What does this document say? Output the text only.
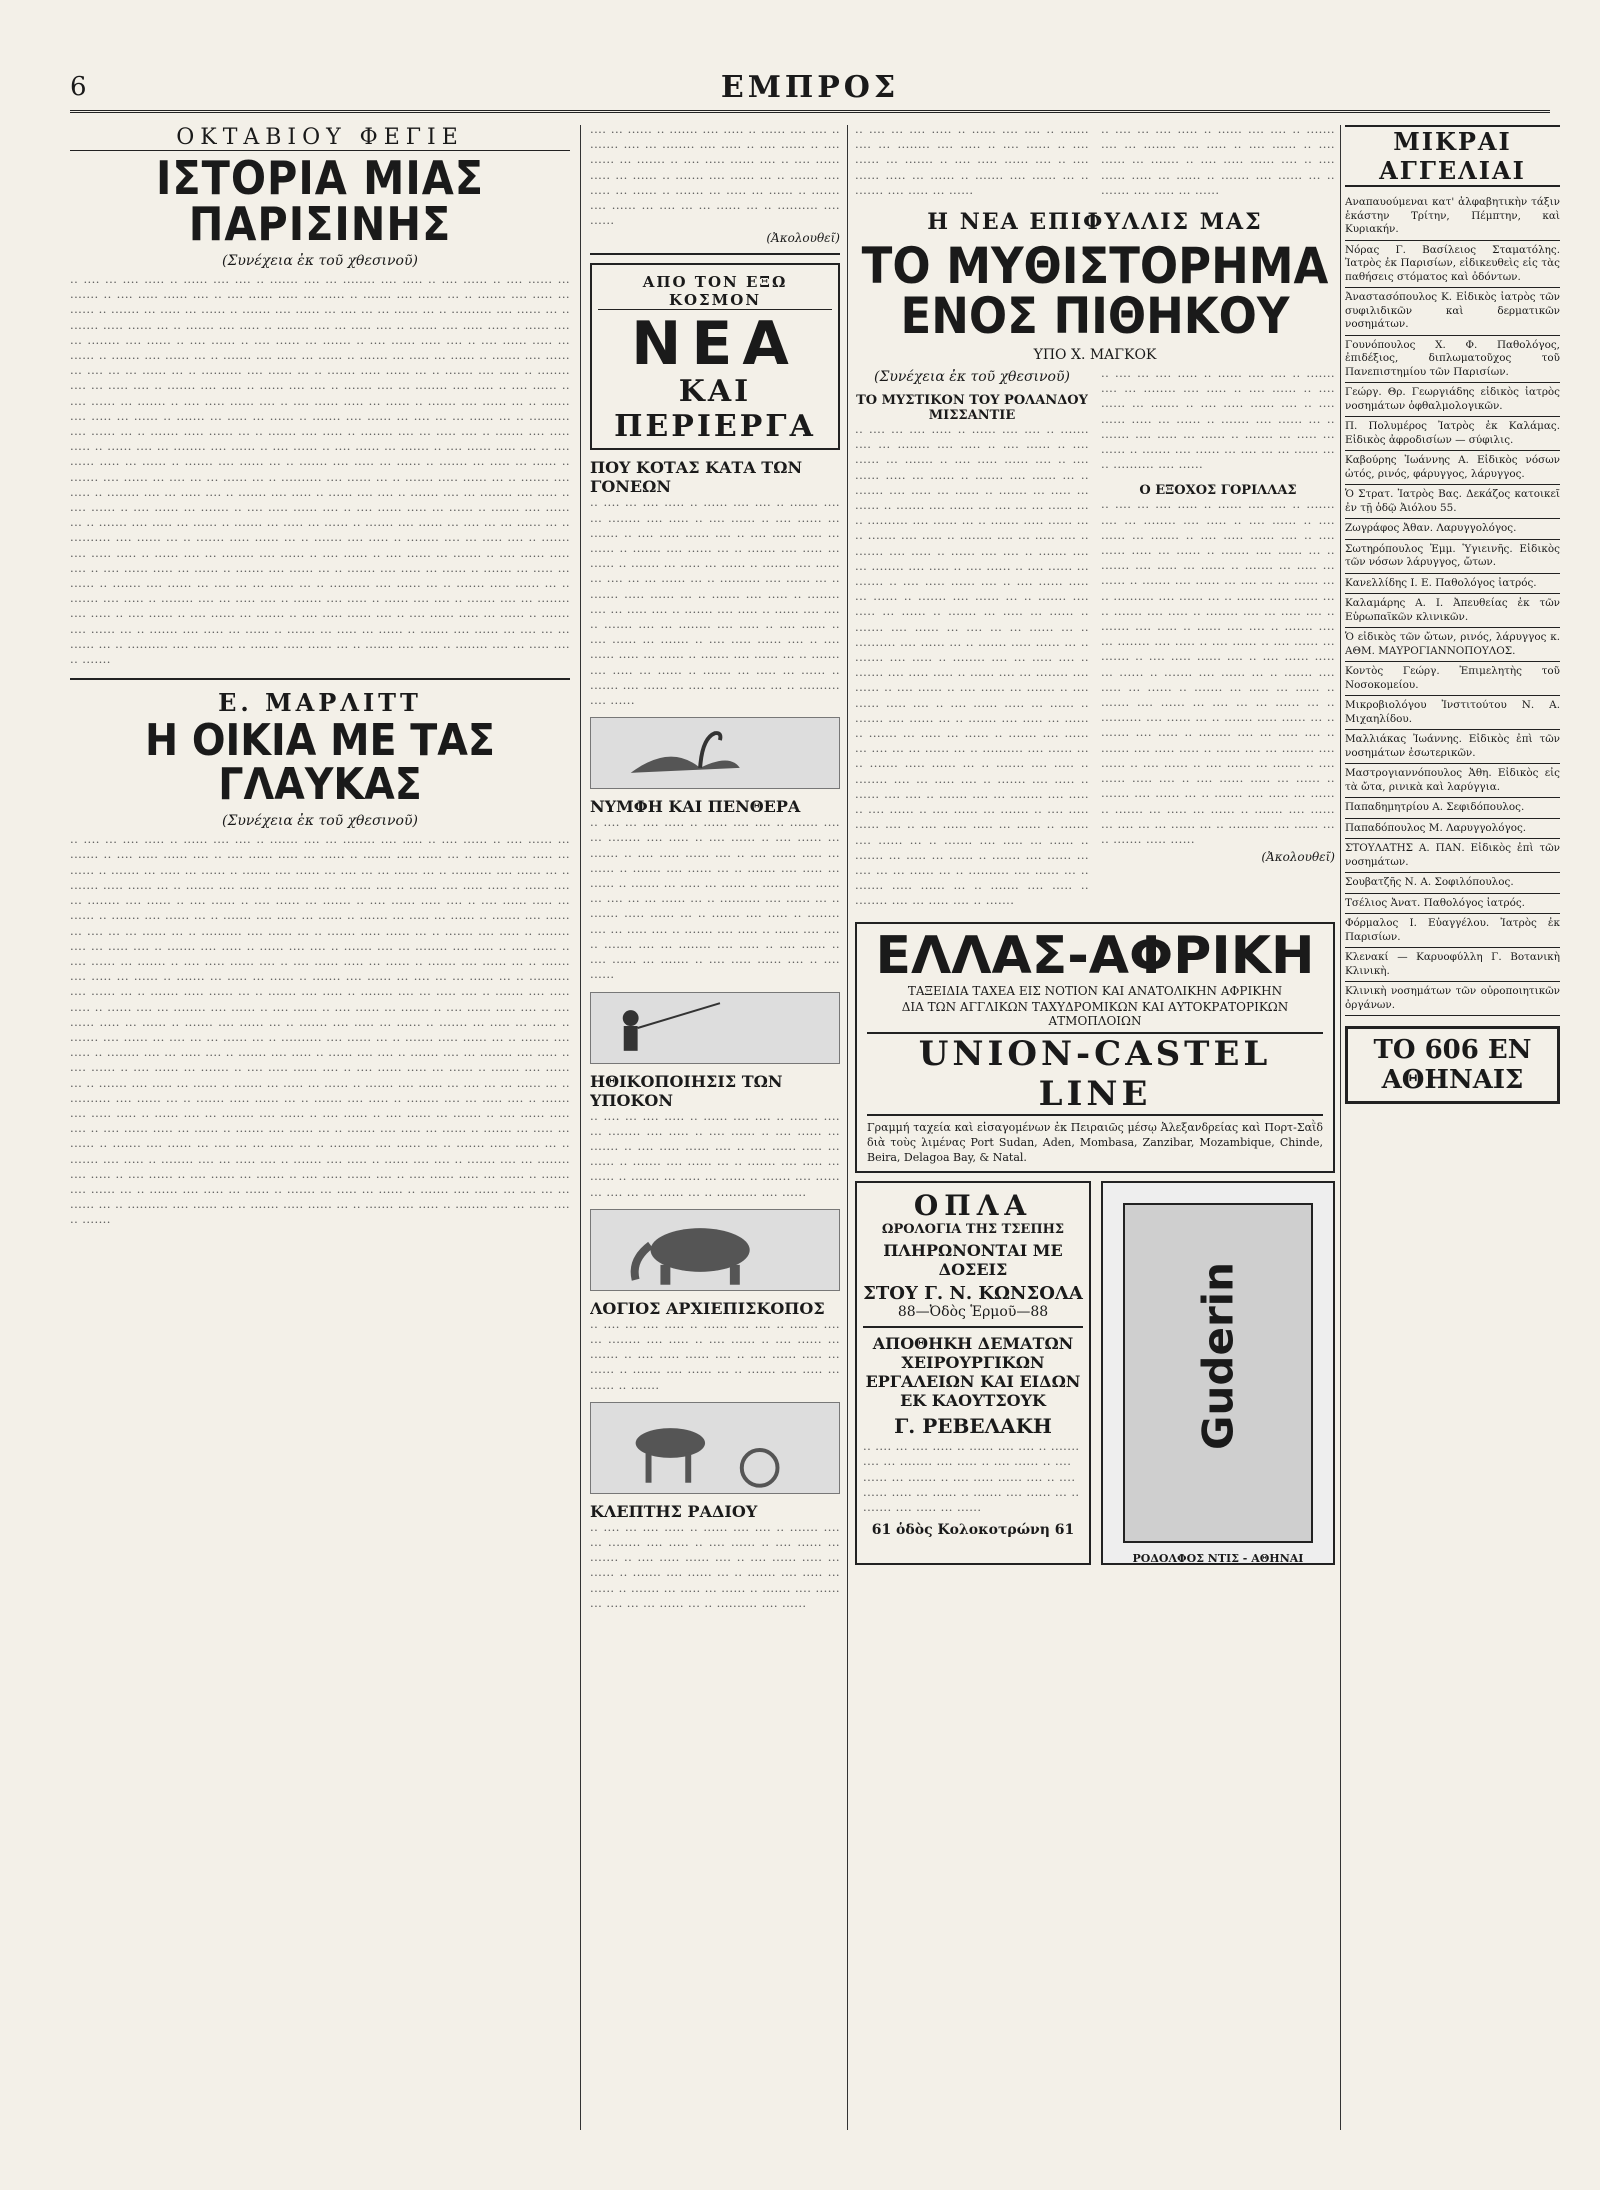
6	ΕΜΠΡΟΣ
ΟΚΤΑΒΙΟΥ ΦΕΓΙΕ
ΙΣΤΟΡΙΑ ΜΙΑΣ ΠΑΡΙΣΙΝΗΣ
(Συνέχεια ἐκ τοῦ χθεσινοῦ)

·· ···· ··· ···· ····· ·· ······ ···· ···· ·· ······· ···· ··· ········ ···· ····· ·· ···· ······ ·· ···· ······ ··· ······· ·· ···· ····· ······ ···· ·· ···· ······ ····· ··· ······ ·· ······· ···· ······ ··· ·· ······· ···· ····· ··· ······ ·· ······· ··· ····· ··· ······ ·· ······· ···· ······ ··· ···· ··· ··· ······ ··· ·· ·········· ···· ······ ··· ·· ······· ····· ······ ··· ·· ······· ···· ····· ·· ········ ···· ··· ····· ···· ·· ······· ···· ····· ····· ·· ······ ···· ··· ········ ···· ······ ·· ···· ······ ·· ···· ······ ··· ······· ·· ···· ······ ····· ···· ·· ···· ······ ····· ··· ······ ·· ······· ···· ······ ··· ·· ······· ···· ····· ··· ······ ·· ······· ··· ····· ··· ······ ·· ······· ···· ······ ··· ···· ··· ··· ······ ··· ·· ·········· ···· ······ ··· ·· ······· ····· ······ ··· ·· ······· ···· ····· ·· ········ ···· ··· ····· ···· ·· ······· ···· ····· ·· ······ ···· ···· ·· ······· ···· ··· ········ ···· ····· ·· ···· ······ ·· ···· ······ ··· ······· ·· ···· ····· ······ ···· ·· ···· ······ ····· ··· ······ ·· ······· ···· ······ ··· ·· ······· ···· ····· ··· ······ ·· ······· ··· ····· ··· ······ ·· ······· ···· ······ ··· ···· ··· ··· ······ ··· ·· ·········· ···· ······ ··· ·· ······· ····· ······ ··· ·· ······· ···· ····· ·· ········ ···· ··· ····· ···· ·· ······· ···· ····· ····· ·· ······ ···· ··· ········ ···· ······ ·· ···· ······ ·· ···· ······ ··· ······· ·· ···· ······ ····· ···· ·· ···· ······ ····· ··· ······ ·· ······· ···· ······ ··· ·· ······· ···· ····· ··· ······ ·· ······· ··· ····· ··· ······ ·· ······· ···· ······ ··· ···· ··· ··· ······ ··· ·· ·········· ···· ······ ··· ·· ······· ····· ······ ··· ·· ······· ···· ····· ·· ········ ···· ··· ····· ···· ·· ······· ···· ····· ·· ······ ···· ···· ·· ······· ···· ··· ········ ···· ····· ·· ···· ······ ·· ···· ······ ··· ······· ·· ···· ····· ······ ···· ·· ···· ······ ····· ··· ······ ·· ······· ···· ······ ··· ·· ······· ···· ····· ··· ······ ·· ······· ··· ····· ··· ······ ·· ······· ···· ······ ··· ···· ··· ··· ······ ··· ·· ·········· ···· ······ ··· ·· ······· ····· ······ ··· ·· ······· ···· ····· ·· ········ ···· ··· ····· ···· ·· ······· ···· ····· ····· ·· ······ ···· ··· ········ ···· ······ ·· ···· ······ ·· ···· ······ ··· ······· ·· ···· ······ ····· ···· ·· ···· ······ ····· ··· ······ ·· ······· ···· ······ ··· ·· ······· ···· ····· ··· ······ ·· ······· ··· ····· ··· ······ ·· ······· ···· ······ ··· ···· ··· ··· ······ ··· ·· ·········· ···· ······ ··· ·· ······· ····· ······ ··· ·· ······· ···· ····· ·· ········ ···· ··· ····· ···· ·· ······· ···· ····· ·· ······ ···· ···· ·· ······· ···· ··· ········ ···· ····· ·· ···· ······ ·· ···· ······ ··· ······· ·· ···· ····· ······ ···· ·· ···· ······ ····· ··· ······ ·· ······· ···· ······ ··· ·· ······· ···· ····· ··· ······ ·· ······· ··· ····· ··· ······ ·· ······· ···· ······ ··· ···· ··· ··· ······ ··· ·· ·········· ···· ······ ··· ·· ······· ····· ······ ··· ·· ······· ···· ····· ·· ········ ···· ··· ····· ···· ·· ·······

Ε. ΜΑΡΛΙΤΤ
Η ΟΙΚΙΑ ΜΕ ΤΑΣ ΓΛΑΥΚΑΣ
(Συνέχεια ἐκ τοῦ χθεσινοῦ)

·· ···· ··· ···· ····· ·· ······ ···· ···· ·· ······· ···· ··· ········ ···· ····· ·· ···· ······ ·· ···· ······ ··· ······· ·· ···· ····· ······ ···· ·· ···· ······ ····· ··· ······ ·· ······· ···· ······ ··· ·· ······· ···· ····· ··· ······ ·· ······· ··· ····· ··· ······ ·· ······· ···· ······ ··· ···· ··· ··· ······ ··· ·· ·········· ···· ······ ··· ·· ······· ····· ······ ··· ·· ······· ···· ····· ·· ········ ···· ··· ····· ···· ·· ······· ···· ····· ····· ·· ······ ···· ··· ········ ···· ······ ·· ···· ······ ·· ···· ······ ··· ······· ·· ···· ······ ····· ···· ·· ···· ······ ····· ··· ······ ·· ······· ···· ······ ··· ·· ······· ···· ····· ··· ······ ·· ······· ··· ····· ··· ······ ·· ······· ···· ······ ··· ···· ··· ··· ······ ··· ·· ·········· ···· ······ ··· ·· ······· ····· ······ ··· ·· ······· ···· ····· ·· ········ ···· ··· ····· ···· ·· ······· ···· ····· ·· ······ ···· ···· ·· ······· ···· ··· ········ ···· ····· ·· ···· ······ ·· ···· ······ ··· ······· ·· ···· ····· ······ ···· ·· ···· ······ ····· ··· ······ ·· ······· ···· ······ ··· ·· ······· ···· ····· ··· ······ ·· ······· ··· ····· ··· ······ ·· ······· ···· ······ ··· ···· ··· ··· ······ ··· ·· ·········· ···· ······ ··· ·· ······· ····· ······ ··· ·· ······· ···· ····· ·· ········ ···· ··· ····· ···· ·· ······· ···· ····· ····· ·· ······ ···· ··· ········ ···· ······ ·· ···· ······ ·· ···· ······ ··· ······· ·· ···· ······ ····· ···· ·· ···· ······ ····· ··· ······ ·· ······· ···· ······ ··· ·· ······· ···· ····· ··· ······ ·· ······· ··· ····· ··· ······ ·· ······· ···· ······ ··· ···· ··· ··· ······ ··· ·· ·········· ···· ······ ··· ·· ······· ····· ······ ··· ·· ······· ···· ····· ·· ········ ···· ··· ····· ···· ·· ······· ···· ····· ·· ······ ···· ···· ·· ······· ···· ··· ········ ···· ····· ·· ···· ······ ·· ···· ······ ··· ······· ·· ···· ····· ······ ···· ·· ···· ······ ····· ··· ······ ·· ······· ···· ······ ··· ·· ······· ···· ····· ··· ······ ·· ······· ··· ····· ··· ······ ·· ······· ···· ······ ··· ···· ··· ··· ······ ··· ·· ·········· ···· ······ ··· ·· ······· ····· ······ ··· ·· ······· ···· ····· ·· ········ ···· ··· ····· ···· ·· ······· ···· ····· ····· ·· ······ ···· ··· ········ ···· ······ ·· ···· ······ ·· ···· ······ ··· ······· ·· ···· ······ ····· ···· ·· ···· ······ ····· ··· ······ ·· ······· ···· ······ ··· ·· ······· ···· ····· ··· ······ ·· ······· ··· ····· ··· ······ ·· ······· ···· ······ ··· ···· ··· ··· ······ ··· ·· ·········· ···· ······ ··· ·· ······· ····· ······ ··· ·· ······· ···· ····· ·· ········ ···· ··· ····· ···· ·· ······· ···· ····· ·· ······ ···· ···· ·· ······· ···· ··· ········ ···· ····· ·· ···· ······ ·· ···· ······ ··· ······· ·· ···· ····· ······ ···· ·· ···· ······ ····· ··· ······ ·· ······· ···· ······ ··· ·· ······· ···· ····· ··· ······ ·· ······· ··· ····· ··· ······ ·· ······· ···· ······ ··· ···· ··· ··· ······ ··· ·· ·········· ···· ······ ··· ·· ······· ····· ······ ··· ·· ······· ···· ····· ·· ········ ···· ··· ····· ···· ·· ·······

···· ··· ······ ·· ······· ···· ····· ·· ······ ···· ···· ·· ······· ···· ··· ········ ···· ····· ·· ···· ······ ·· ···· ······ ··· ······· ·· ···· ····· ······ ···· ·· ···· ······ ····· ··· ······ ·· ······· ···· ······ ··· ·· ······· ···· ····· ··· ······ ·· ······· ··· ····· ··· ······ ·· ······· ···· ······ ··· ···· ··· ··· ······ ··· ·· ·········· ···· ······

(Ἀκολουθεῖ)
ΑΠΟ ΤΟΝ ΕΞΩ ΚΟΣΜΟΝ
ΝΕΑ
ΚΑΙ ΠΕΡΙΕΡΓΑ
ΠΟΥ ΚΟΤΑΣ ΚΑΤΑ ΤΩΝ ΓΟΝΕΩΝ

·· ···· ··· ···· ····· ·· ······ ···· ···· ·· ······· ···· ··· ········ ···· ····· ·· ···· ······ ·· ···· ······ ··· ······· ·· ···· ····· ······ ···· ·· ···· ······ ····· ··· ······ ·· ······· ···· ······ ··· ·· ······· ···· ····· ··· ······ ·· ······· ··· ····· ··· ······ ·· ······· ···· ······ ··· ···· ··· ··· ······ ··· ·· ·········· ···· ······ ··· ·· ······· ····· ······ ··· ·· ······· ···· ····· ·· ········ ···· ··· ····· ···· ·· ······· ···· ····· ·· ······ ···· ···· ·· ······· ···· ··· ········ ···· ····· ·· ···· ······ ·· ···· ······ ··· ······· ·· ···· ····· ······ ···· ·· ···· ······ ····· ··· ······ ·· ······· ···· ······ ··· ·· ······· ···· ····· ··· ······ ·· ······· ··· ····· ··· ······ ·· ······· ···· ······ ··· ···· ··· ··· ······ ··· ·· ·········· ···· ······

ΝΥΜΦΗ ΚΑΙ ΠΕΝΘΕΡΑ

·· ···· ··· ···· ····· ·· ······ ···· ···· ·· ······· ···· ··· ········ ···· ····· ·· ···· ······ ·· ···· ······ ··· ······· ·· ···· ····· ······ ···· ·· ···· ······ ····· ··· ······ ·· ······· ···· ······ ··· ·· ······· ···· ····· ··· ······ ·· ······· ··· ····· ··· ······ ·· ······· ···· ······ ··· ···· ··· ··· ······ ··· ·· ·········· ···· ······ ··· ·· ······· ····· ······ ··· ·· ······· ···· ····· ·· ········ ···· ··· ····· ···· ·· ······· ···· ····· ·· ······ ···· ···· ·· ······· ···· ··· ········ ···· ····· ·· ···· ······ ·· ···· ······ ··· ······· ·· ···· ····· ······ ···· ·· ···· ······

ΗΘΙΚΟΠΟΙΗΣΙΣ ΤΩΝ ΥΠΟΚΟΝ

·· ···· ··· ···· ····· ·· ······ ···· ···· ·· ······· ···· ··· ········ ···· ····· ·· ···· ······ ·· ···· ······ ··· ······· ·· ···· ····· ······ ···· ·· ···· ······ ····· ··· ······ ·· ······· ···· ······ ··· ·· ······· ···· ····· ··· ······ ·· ······· ··· ····· ··· ······ ·· ······· ···· ······ ··· ···· ··· ··· ······ ··· ·· ·········· ···· ······

ΛΟΓΙΟΣ ΑΡΧΙΕΠΙΣΚΟΠΟΣ

·· ···· ··· ···· ····· ·· ······ ···· ···· ·· ······· ···· ··· ········ ···· ····· ·· ···· ······ ·· ···· ······ ··· ······· ·· ···· ····· ······ ···· ·· ···· ······ ····· ··· ······ ·· ······· ···· ······ ··· ·· ······· ···· ····· ··· ······ ·· ·······

ΚΛΕΠΤΗΣ ΡΑΔΙΟΥ

·· ···· ··· ···· ····· ·· ······ ···· ···· ·· ······· ···· ··· ········ ···· ····· ·· ···· ······ ·· ···· ······ ··· ······· ·· ···· ····· ······ ···· ·· ···· ······ ····· ··· ······ ·· ······· ···· ······ ··· ·· ······· ···· ····· ··· ······ ·· ······· ··· ····· ··· ······ ·· ······· ···· ······ ··· ···· ··· ··· ······ ··· ·· ·········· ···· ······

·· ···· ··· ···· ····· ·· ······ ···· ···· ·· ······· ···· ··· ········ ···· ····· ·· ···· ······ ·· ···· ······ ··· ······· ·· ···· ····· ······ ···· ·· ···· ······ ····· ··· ······ ·· ······· ···· ······ ··· ·· ······· ···· ····· ··· ······

·· ···· ··· ···· ····· ·· ······ ···· ···· ·· ······· ···· ··· ········ ···· ····· ·· ···· ······ ·· ···· ······ ··· ······· ·· ···· ····· ······ ···· ·· ···· ······ ····· ··· ······ ·· ······· ···· ······ ··· ·· ······· ···· ····· ··· ······

Η ΝΕΑ ΕΠΙΦΥΛΛΙΣ ΜΑΣ
ΤΟ ΜΥΘΙΣΤΟΡΗΜΑ ΕΝΟΣ ΠΙΘΗΚΟΥ
ΥΠΟ Χ. ΜΑΓΚΟΚ
(Συνέχεια ἐκ τοῦ χθεσινοῦ)
ΤΟ ΜΥΣΤΙΚΟΝ ΤΟΥ ΡΟΛΑΝΔΟΥ ΜΙΣΣΑΝΤΙΕ

·· ···· ··· ···· ····· ·· ······ ···· ···· ·· ······· ···· ··· ········ ···· ····· ·· ···· ······ ·· ···· ······ ··· ······· ·· ···· ····· ······ ···· ·· ···· ······ ····· ··· ······ ·· ······· ···· ······ ··· ·· ······· ···· ····· ··· ······ ·· ······· ··· ····· ··· ······ ·· ······· ···· ······ ··· ···· ··· ··· ······ ··· ·· ·········· ···· ······ ··· ·· ······· ····· ······ ··· ·· ······· ···· ····· ·· ········ ···· ··· ····· ···· ·· ······· ···· ····· ·· ······ ···· ···· ·· ······· ···· ··· ········ ···· ····· ·· ···· ······ ·· ···· ······ ··· ······· ·· ···· ····· ······ ···· ·· ···· ······ ····· ··· ······ ·· ······· ···· ······ ··· ·· ······· ···· ····· ··· ······ ·· ······· ··· ····· ··· ······ ·· ······· ···· ······ ··· ···· ··· ··· ······ ··· ·· ·········· ···· ······ ··· ·· ······· ····· ······ ··· ·· ······· ···· ····· ·· ········ ···· ··· ····· ···· ·· ······· ···· ····· ····· ·· ······ ···· ··· ········ ···· ······ ·· ···· ······ ·· ···· ······ ··· ······· ·· ···· ······ ····· ···· ·· ···· ······ ····· ··· ······ ·· ······· ···· ······ ··· ·· ······· ···· ····· ··· ······ ·· ······· ··· ····· ··· ······ ·· ······· ···· ······ ··· ···· ··· ··· ······ ··· ·· ·········· ···· ······ ··· ·· ······· ····· ······ ··· ·· ······· ···· ····· ·· ········ ···· ··· ····· ···· ·· ······· ···· ····· ·· ······ ···· ···· ·· ······· ···· ··· ········ ···· ····· ·· ···· ······ ·· ···· ······ ··· ······· ·· ···· ····· ······ ···· ·· ···· ······ ····· ··· ······ ·· ······· ···· ······ ··· ·· ······· ···· ····· ··· ······ ·· ······· ··· ····· ··· ······ ·· ······· ···· ······ ··· ···· ··· ··· ······ ··· ·· ·········· ···· ······ ··· ·· ······· ····· ······ ··· ·· ······· ···· ····· ·· ········ ···· ··· ····· ···· ·· ·······

·· ···· ··· ···· ····· ·· ······ ···· ···· ·· ······· ···· ··· ········ ···· ····· ·· ···· ······ ·· ···· ······ ··· ······· ·· ···· ····· ······ ···· ·· ···· ······ ····· ··· ······ ·· ······· ···· ······ ··· ·· ······· ···· ····· ··· ······ ·· ······· ··· ····· ··· ······ ·· ······· ···· ······ ··· ···· ··· ··· ······ ··· ·· ·········· ···· ······

Ο ΕΞΟΧΟΣ ΓΟΡΙΛΛΑΣ

·· ···· ··· ···· ····· ·· ······ ···· ···· ·· ······· ···· ··· ········ ···· ····· ·· ···· ······ ·· ···· ······ ··· ······· ·· ···· ····· ······ ···· ·· ···· ······ ····· ··· ······ ·· ······· ···· ······ ··· ·· ······· ···· ····· ··· ······ ·· ······· ··· ····· ··· ······ ·· ······· ···· ······ ··· ···· ··· ··· ······ ··· ·· ·········· ···· ······ ··· ·· ······· ····· ······ ··· ·· ······· ···· ····· ·· ········ ···· ··· ····· ···· ·· ······· ···· ····· ·· ······ ···· ···· ·· ······· ···· ··· ········ ···· ····· ·· ···· ······ ·· ···· ······ ··· ······· ·· ···· ····· ······ ···· ·· ···· ······ ····· ··· ······ ·· ······· ···· ······ ··· ·· ······· ···· ····· ··· ······ ·· ······· ··· ····· ··· ······ ·· ······· ···· ······ ··· ···· ··· ··· ······ ··· ·· ·········· ···· ······ ··· ·· ······· ····· ······ ··· ·· ······· ···· ····· ·· ········ ···· ··· ····· ···· ·· ······· ···· ····· ····· ·· ······ ···· ··· ········ ···· ······ ·· ···· ······ ·· ···· ······ ··· ······· ·· ···· ······ ····· ···· ·· ···· ······ ····· ··· ······ ·· ······· ···· ······ ··· ·· ······· ···· ····· ··· ······ ·· ······· ··· ····· ··· ······ ·· ······· ···· ······ ··· ···· ··· ··· ······ ··· ·· ·········· ···· ······ ··· ·· ······· ····· ······

(Ἀκολουθεῖ)
ΕΛΛΑΣ-ΑΦΡΙΚΗ
ΤΑΞΕΙΔΙΑ ΤΑΧΕΑ ΕΙΣ ΝΟΤΙΟΝ ΚΑΙ ΑΝΑΤΟΛΙΚΗΝ ΑΦΡΙΚΗΝ
ΔΙΑ ΤΩΝ ΑΓΓΛΙΚΩΝ ΤΑΧΥΔΡΟΜΙΚΩΝ ΚΑΙ ΑΥΤΟΚΡΑΤΟΡΙΚΩΝ ΑΤΜΟΠΛΟΙΩΝ
UNION-CASTEL LINE

Γραμμή ταχεία καὶ εἰσαγομένων ἐκ Πειραιῶς μέσῳ Ἀλεξανδρείας καὶ Πορτ-Σαῒδ διὰ τοὺς λιμένας Port Sudan, Aden, Mombasa, Zanzibar, Mozambique, Chinde, Beira, Delagoa Bay, & Natal.

ΟΠΛΑ
ΩΡΟΛΟΓΙΑ ΤΗΣ ΤΣΕΠΗΣ
ΠΛΗΡΩΝΟΝΤΑΙ ΜΕ ΔΟΣΕΙΣ
ΣΤΟΥ Γ. Ν. ΚΩΝΣΟΛΑ
88—Ὀδὸς Ἑρμοῦ—88
ΑΠΟΘΗΚΗ ΔΕΜΑΤΩΝ ΧΕΙΡΟΥΡΓΙΚΩΝ ΕΡΓΑΛΕΙΩΝ ΚΑΙ ΕΙΔΩΝ ΕΚ ΚΑΟΥΤΣΟΥΚ
Γ. ΡΕΒΕΛΑΚΗ

·· ···· ··· ···· ····· ·· ······ ···· ···· ·· ······· ···· ··· ········ ···· ····· ·· ···· ······ ·· ···· ······ ··· ······· ·· ···· ····· ······ ···· ·· ···· ······ ····· ··· ······ ·· ······· ···· ······ ··· ·· ······· ···· ····· ··· ······

61 ὁδὸς Κολοκοτρώνη 61
Guderin
ΡΟΔΟΛΦΟΣ ΝΤΙΣ - ΑΘΗΝΑΙ
ΜΙΚΡΑΙ ΑΓΓΕΛΙΑΙ

Αναπαυούμεναι κατ' ἀλφαβητικὴν τάξιν ἑκάστην Τρίτην, Πέμπτην, καὶ Κυριακήν.

Νόρας Γ. Βασίλειος Σταματόλης. Ἰατρὸς ἐκ Παρισίων, εἰδικευθεὶς εἰς τὰς παθήσεις στόματος καὶ ὀδόντων.

Ἀναστασόπουλος Κ. Εἰδικὸς ἰατρὸς τῶν συφιλιδικῶν καὶ δερματικῶν νοσημάτων.

Γουνόπουλος Χ. Φ. Παθολόγος, ἐπιδέξιος, διπλωματοῦχος τοῦ Πανεπιστημίου τῶν Παρισίων.

Γεώργ. Θρ. Γεωργιάδης εἰδικὸς ἰατρὸς νοσημάτων ὀφθαλμολογικῶν.

Π. Πολυμέρος Ἰατρὸς ἐκ Καλάμας. Εἰδικὸς ἀφροδισίων — σύφιλις.

Καβούρης Ἰωάννης Α. Εἰδικὸς νόσων ὠτός, ρινός, φάρυγγος, λάρυγγος.

Ὁ Στρατ. Ἰατρὸς Βας. Δεκάζος κατοικεῖ ἐν τῇ ὁδῷ Ἀιόλου 55.

Ζωγράφος Ἀθαν. Λαρυγγολόγος.

Σωτηρόπουλος Ἐμμ. Ὑγιεινῆς. Εἰδικὸς τῶν νόσων λάρυγγος, ὤτων.

Κανελλίδης Ι. Ε. Παθολόγος ἰατρός.

Καλαμάρης Α. Ι. Ἀπευθείας ἐκ τῶν Εὐρωπαϊκῶν κλινικῶν.

Ὁ εἰδικὸς τῶν ὤτων, ρινός, λάρυγγος κ. ΑΘΜ. ΜΑΥΡΟΓΙΑΝΝΟΠΟΥΛΟΣ.

Κοντὸς Γεώργ. Ἐπιμελητὴς τοῦ Νοσοκομείου.

Μικροβιολόγου Ἰνστιτούτου Ν. Α. Μιχαηλίδου.

Μαλλιάκας Ἰωάννης. Εἰδικὸς ἐπὶ τῶν νοσημάτων ἐσωτερικῶν.

Μαστρογιαννόπουλος Ἀθη. Εἰδικὸς εἰς τὰ ὤτα, ρινικὰ καὶ λαρύγγια.

Παπαδημητρίου Α. Σεφιδόπουλος.

Παπαδόπουλος Μ. Λαρυγγολόγος.

ΣΤΟΥΛΑΤΗΣ Α. ΠΑΝ. Εἰδικὸς ἐπὶ τῶν νοσημάτων.

Σουβατζῆς Ν. Α. Σοφιλόπουλος.

Τσέλιος Ἀνατ. Παθολόγος ἰατρός.

Φόρμαλος Ι. Εὐαγγέλου. Ἰατρὸς ἐκ Παρισίων.

Κλενακί — Καρυοφύλλη Γ. Βοτανικὴ Κλινικὴ.

Κλινικὴ νοσημάτων τῶν οὐροποιητικῶν ὀργάνων.

ΤΟ 606 ΕΝ ΑΘΗΝΑΙΣ
